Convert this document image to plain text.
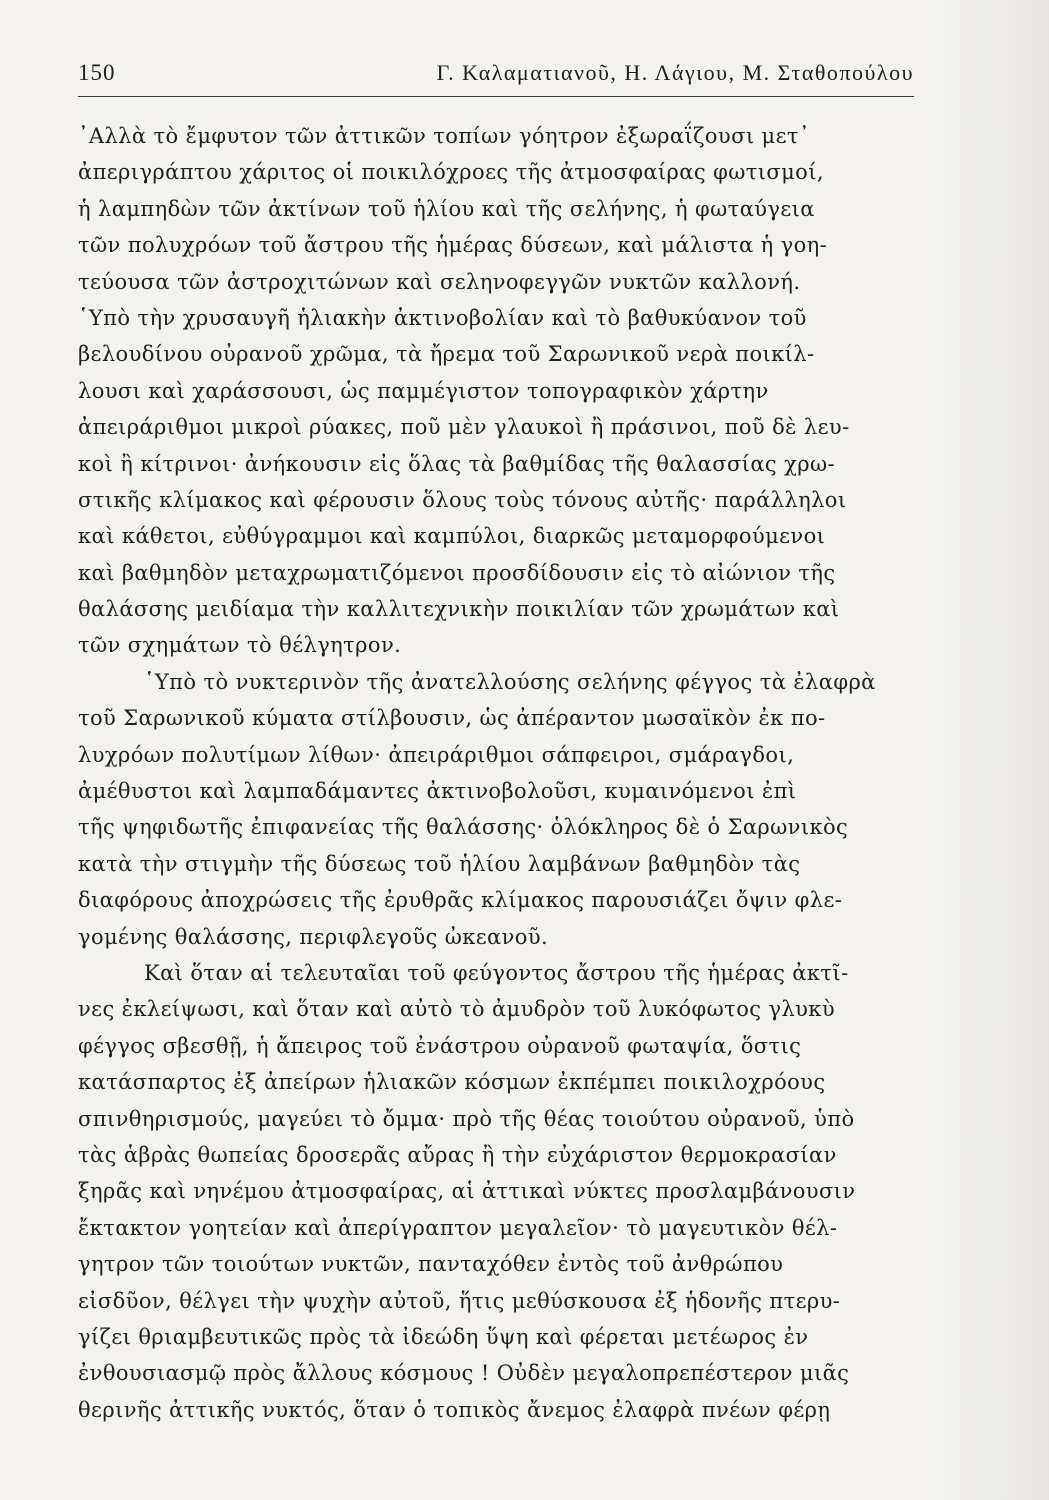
150	Γ. Καλαματιανοῦ, Η. Λάγιου, Μ. Σταθοπούλου
᾿Αλλὰ τὸ ἔμφυτον τῶν ἀττικῶν τοπίων γόητρον ἐξωραΐζουσι μετ᾽
ἀπεριγράπτου χάριτος οἱ ποικιλόχροες τῆς ἀτμοσφαίρας φωτισμοί,
ἡ λαμπηδὼν τῶν ἀκτίνων τοῦ ἡλίου καὶ τῆς σελήνης, ἡ φωταύγεια
τῶν πολυχρόων τοῦ ἄστρου τῆς ἡμέρας δύσεων, καὶ μάλιστα ἡ γοη-
τεύουσα τῶν ἀστροχιτώνων καὶ σεληνοφεγγῶν νυκτῶν καλλονή.
῾Υπὸ τὴν χρυσαυγῆ ἡλιακὴν ἀκτινοβολίαν καὶ τὸ βαθυκύανον τοῦ
βελουδίνου οὐρανοῦ χρῶμα, τὰ ἤρεμα τοῦ Σαρωνικοῦ νερὰ ποικίλ-
λουσι καὶ χαράσσουσι, ὡς παμμέγιστον τοπογραφικὸν χάρτην
ἀπειράριθμοι μικροὶ ρύακες, ποῦ μὲν γλαυκοὶ ἢ πράσινοι, ποῦ δὲ λευ-
κοὶ ἢ κίτρινοι· ἀνήκουσιν εἰς ὅλας τὰ βαθμίδας τῆς θαλασσίας χρω-
στικῆς κλίμακος καὶ φέρουσιν ὅλους τοὺς τόνους αὐτῆς· παράλληλοι
καὶ κάθετοι, εὐθύγραμμοι καὶ καμπύλοι, διαρκῶς μεταμορφούμενοι
καὶ βαθμηδὸν μεταχρωματιζόμενοι προσδίδουσιν εἰς τὸ αἰώνιον τῆς
θαλάσσης μειδίαμα τὴν καλλιτεχνικὴν ποικιλίαν τῶν χρωμάτων καὶ
τῶν σχημάτων τὸ θέλγητρον.
῾Υπὸ τὸ νυκτερινὸν τῆς ἀνατελλούσης σελήνης φέγγος τὰ ἐλαφρὰ
τοῦ Σαρωνικοῦ κύματα στίλβουσιν, ὡς ἀπέραντον μωσαϊκὸν ἐκ πο-
λυχρόων πολυτίμων λίθων· ἀπειράριθμοι σάπφειροι, σμάραγδοι,
ἀμέθυστοι καὶ λαμπαδάμαντες ἀκτινοβολοῦσι, κυμαινόμενοι ἐπὶ
τῆς ψηφιδωτῆς ἐπιφανείας τῆς θαλάσσης· ὁλόκληρος δὲ ὁ Σαρωνικὸς
κατὰ τὴν στιγμὴν τῆς δύσεως τοῦ ἡλίου λαμβάνων βαθμηδὸν τὰς
διαφόρους ἀποχρώσεις τῆς ἐρυθρᾶς κλίμακος παρουσιάζει ὄψιν φλε-
γομένης θαλάσσης, περιφλεγοῦς ὠκεανοῦ.
Καὶ ὅταν αἱ τελευταῖαι τοῦ φεύγοντος ἄστρου τῆς ἡμέρας ἀκτῖ-
νες ἐκλείψωσι, καὶ ὅταν καὶ αὐτὸ τὸ ἀμυδρὸν τοῦ λυκόφωτος γλυκὺ
φέγγος σβεσθῇ, ἡ ἄπειρος τοῦ ἐνάστρου οὐρανοῦ φωταψία, ὅστις
κατάσπαρτος ἐξ ἀπείρων ἡλιακῶν κόσμων ἐκπέμπει ποικιλοχρόους
σπινθηρισμούς, μαγεύει τὸ ὄμμα· πρὸ τῆς θέας τοιούτου οὐρανοῦ, ὑπὸ
τὰς ἁβρὰς θωπείας δροσερᾶς αὔρας ἢ τὴν εὐχάριστον θερμοκρασίαν
ξηρᾶς καὶ νηνέμου ἀτμοσφαίρας, αἱ ἀττικαὶ νύκτες προσλαμβάνουσιν
ἔκτακτον γοητείαν καὶ ἀπερίγραπτον μεγαλεῖον· τὸ μαγευτικὸν θέλ-
γητρον τῶν τοιούτων νυκτῶν, πανταχόθεν ἐντὸς τοῦ ἀνθρώπου
εἰσδῦον, θέλγει τὴν ψυχὴν αὐτοῦ, ἥτις μεθύσκουσα ἐξ ἡδονῆς πτερυ-
γίζει θριαμβευτικῶς πρὸς τὰ ἰδεώδη ὕψη καὶ φέρεται μετέωρος ἐν
ἐνθουσιασμῷ πρὸς ἄλλους κόσμους ! Οὐδὲν μεγαλοπρεπέστερον μιᾶς
θερινῆς ἀττικῆς νυκτός, ὅταν ὁ τοπικὸς ἄνεμος ἐλαφρὰ πνέων φέρῃ
